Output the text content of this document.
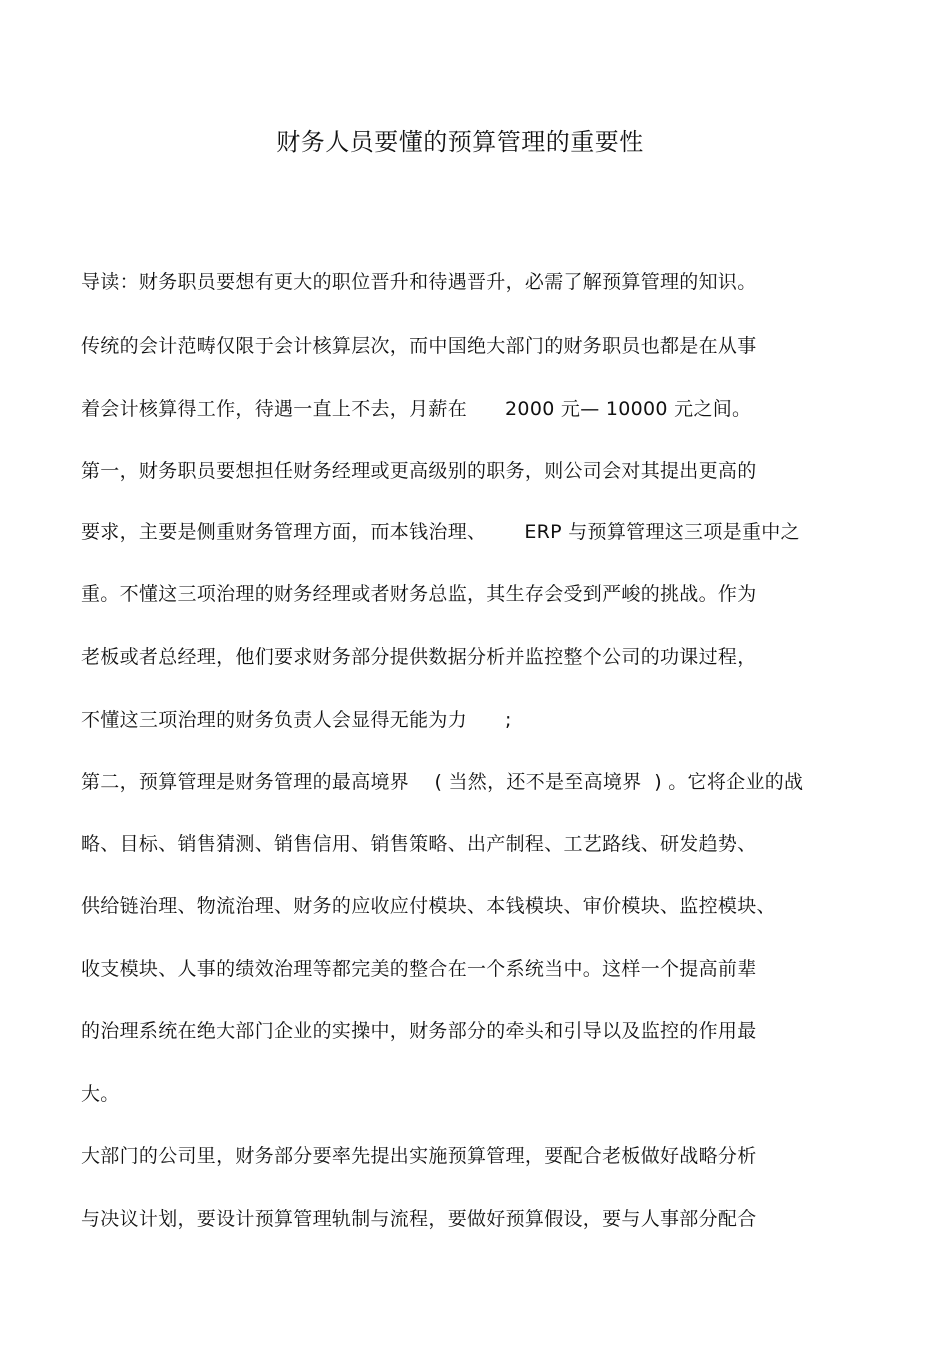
财务人员要懂的预算管理的重要性
导读：财务职员要想有更大的职位晋升和待遇晋升，必需了解预算管理的知识。
传统的会计范畴仅限于会计核算层次，而中国绝大部门的财务职员也都是在从事
着会计核算得工作，待遇一直上不去，月薪在      2000 元— 10000 元之间。
第一，财务职员要想担任财务经理或更高级别的职务，则公司会对其提出更高的
要求，主要是侧重财务管理方面，而本钱治理、      ERP 与预算管理这三项是重中之
重。不懂这三项治理的财务经理或者财务总监，其生存会受到严峻的挑战。作为
老板或者总经理，他们要求财务部分提供数据分析并监控整个公司的功课过程，
不懂这三项治理的财务负责人会显得无能为力      ;
第二，预算管理是财务管理的最高境界    ( 当然，还不是至高境界  ) 。它将企业的战
略、目标、销售猜测、销售信用、销售策略、出产制程、工艺路线、研发趋势、
供给链治理、物流治理、财务的应收应付模块、本钱模块、审价模块、监控模块、
收支模块、人事的绩效治理等都完美的整合在一个系统当中。这样一个提高前辈
的治理系统在绝大部门企业的实操中，财务部分的牵头和引导以及监控的作用最
大。
大部门的公司里，财务部分要率先提出实施预算管理，要配合老板做好战略分析
与决议计划，要设计预算管理轨制与流程，要做好预算假设，要与人事部分配合
